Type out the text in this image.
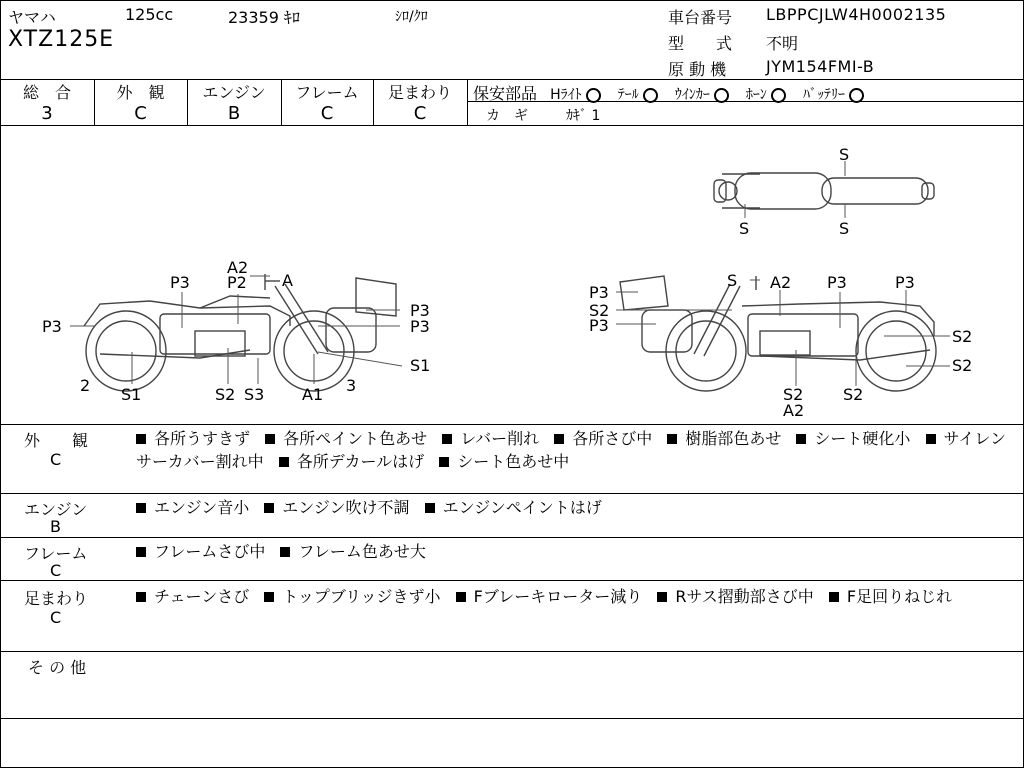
ヤマハ	125cc	23359 ｷﾛ	ｼﾛ/ｸﾛ
XTZ125E
車台番号 LBPPCJLW4H0002135
型　　式 不明
原 動 機 JYM154FMI-B
総　合
3
外　観
C
エンジン
B
フレーム
C
足まわり
C
保安部品 Hﾗｲﾄ	ﾃｰﾙ	ｳｲﾝｶｰ	ﾎｰﾝ	ﾊﾞｯﾃﾘｰ
カ　ギ	ｶｷﾞ 1
S
S	S
A2
P2 A
P3
P3
P3
P3
S1
2 S1	S2 S3 A1 3
S A2 P3	P3
P3
S2
P3
S2
S2
S2
A2
S2
外　　観
C
各所うすきず 各所ペイント色あせ レバー削れ 各所さび中 樹脂部色あせ シート硬化小 サイレンサーカバー割れ中 各所デカールはげ シート色あせ中
エンジン
B
エンジン音小 エンジン吹け不調 エンジンペイントはげ
フレーム
C
フレームさび中 フレーム色あせ大
足まわり
C
チェーンさび トップブリッジきず小 Fブレーキローター減り Rサス摺動部さび中 F足回りねじれ
そ の 他
